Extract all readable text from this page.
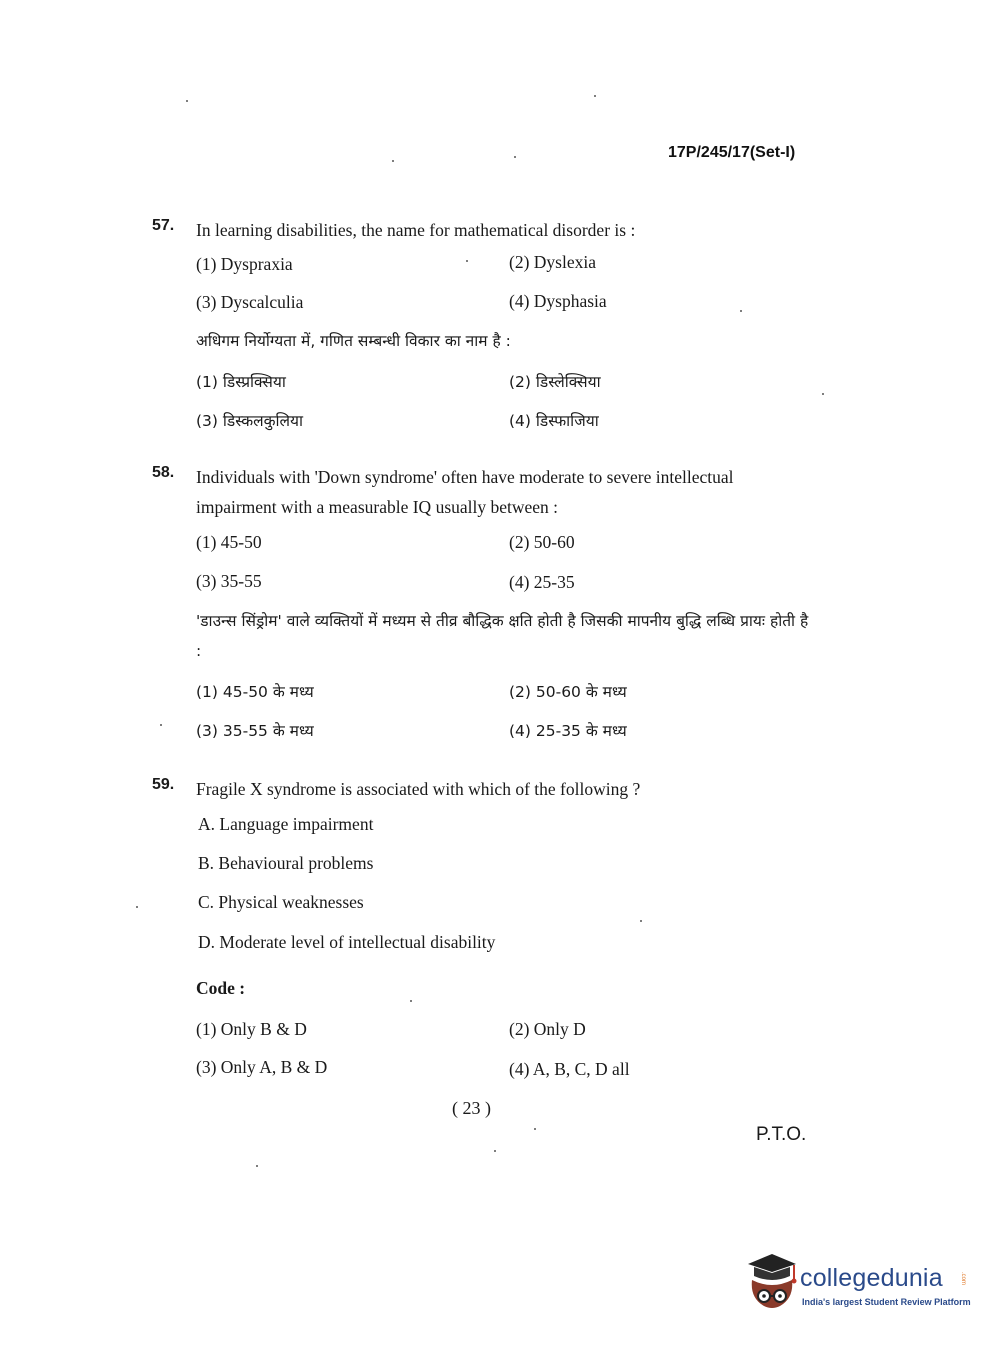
17P/245/17(Set-I)
57. In learning disabilities, the name for mathematical disorder is :
(1) Dyspraxia	(2) Dyslexia
(3) Dyscalculia	(4) Dysphasia
अधिगम निर्योग्यता में, गणित सम्बन्धी विकार का नाम है :
(1) डिस्प्रक्सिया	(2) डिस्लेक्सिया
(3) डिस्कलकुलिया	(4) डिस्फाजिया
58. Individuals with 'Down syndrome' often have moderate to severe intellectual impairment with a measurable IQ usually between :
(1) 45-50	(2) 50-60
(3) 35-55	(4) 25-35
'डाउन्स सिंड्रोम' वाले व्यक्तियों में मध्यम से तीव्र बौद्धिक क्षति होती है जिसकी मापनीय बुद्धि लब्धि प्रायः होती है :
(1) 45-50 के मध्य	(2) 50-60 के मध्य
(3) 35-55 के मध्य	(4) 25-35 के मध्य
59. Fragile X syndrome is associated with which of the following ?
A. Language impairment
B. Behavioural problems
C. Physical weaknesses
D. Moderate level of intellectual disability
Code :
(1) Only B & D	(2) Only D
(3) Only A, B & D	(4) A, B, C, D all
( 23 )
P.T.O.
collegedunia	.com
India's largest Student Review Platform
